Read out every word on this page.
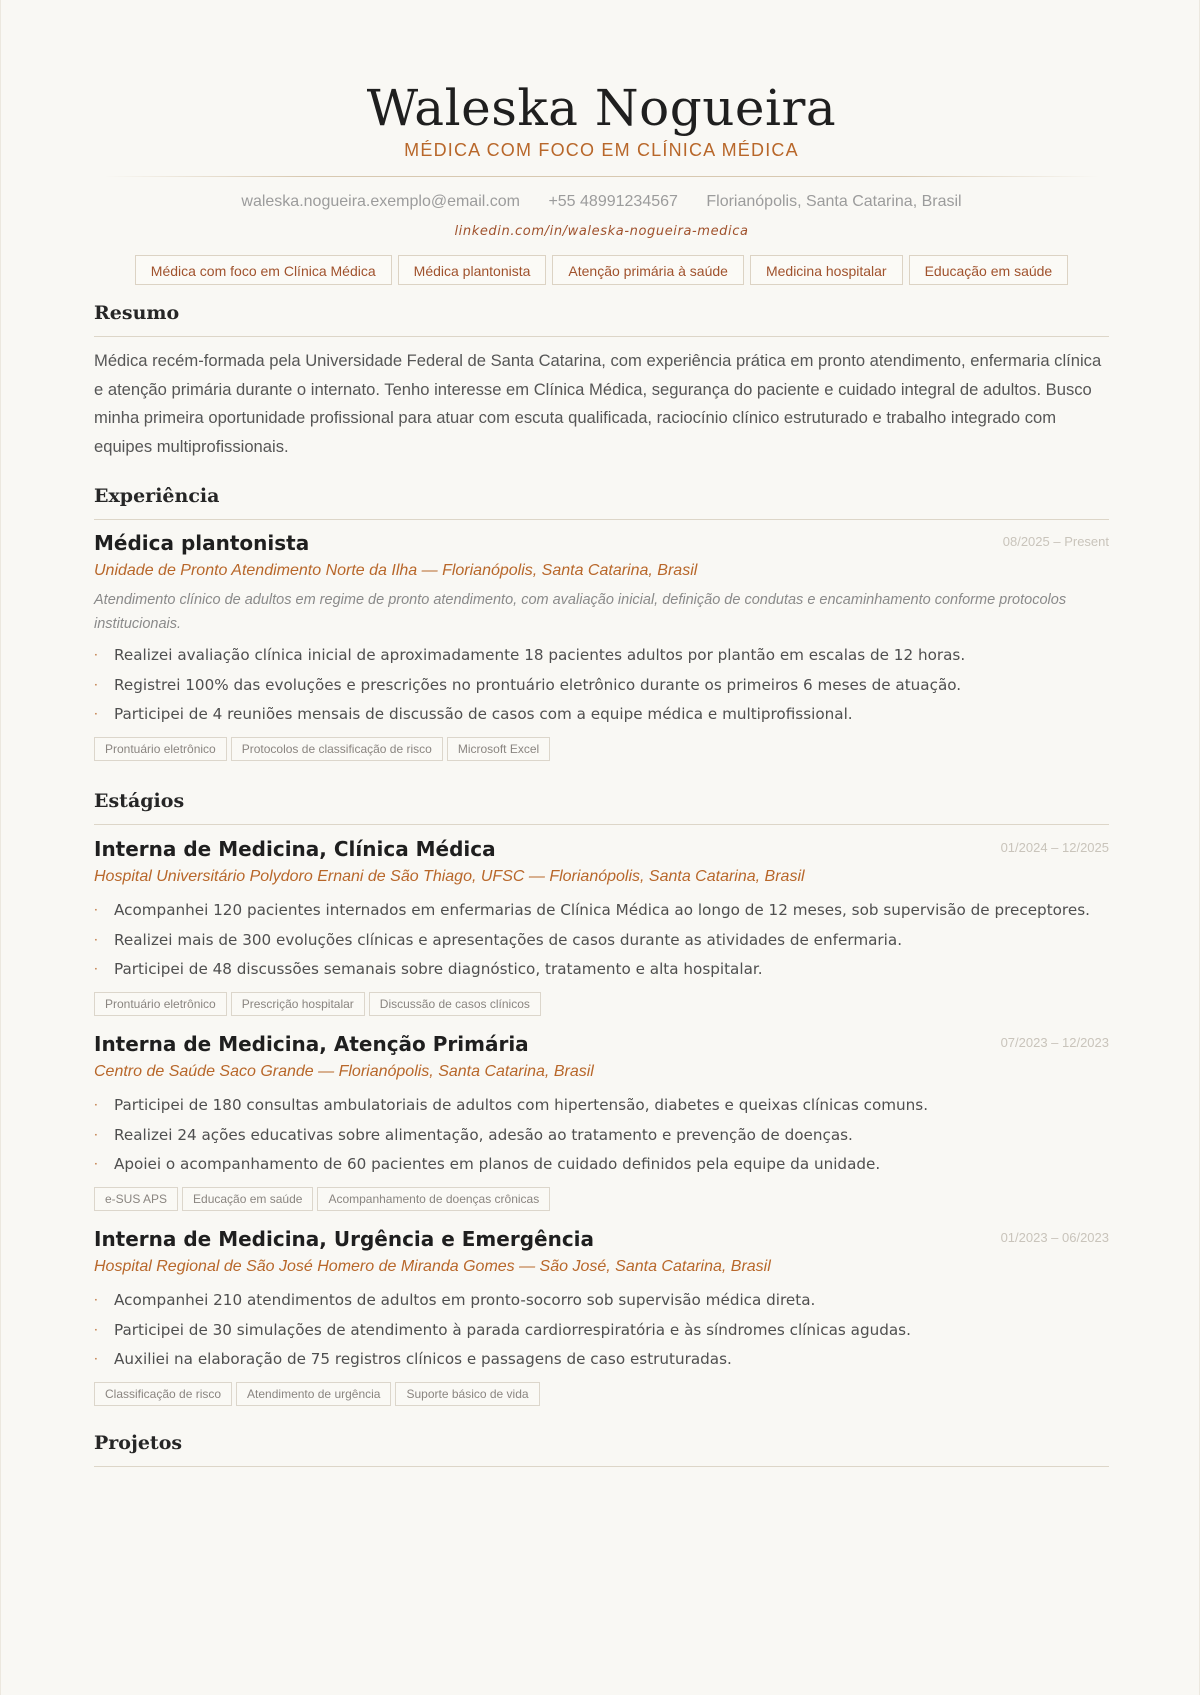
Waleska Nogueira
MÉDICA COM FOCO EM CLÍNICA MÉDICA
waleska.nogueira.exemplo@email.com +55 48991234567 Florianópolis, Santa Catarina, Brasil
linkedin.com/in/waleska-nogueira-medica
Médica com foco em Clínica Médica	Médica plantonista	Atenção primária à saúde	Medicina hospitalar	Educação em saúde
Resumo

Médica recém-formada pela Universidade Federal de Santa Catarina, com experiência prática em pronto atendimento, enfermaria clínica e atenção primária durante o internato. Tenho interesse em Clínica Médica, segurança do paciente e cuidado integral de adultos. Busco minha primeira oportunidade profissional para atuar com escuta qualificada, raciocínio clínico estruturado e trabalho integrado com equipes multiprofissionais.

Experiência
Médica plantonista	08/2025 – Present
Unidade de Pronto Atendimento Norte da Ilha — Florianópolis, Santa Catarina, Brasil
Atendimento clínico de adultos em regime de pronto atendimento, com avaliação inicial, definição de condutas e encaminhamento conforme protocolos institucionais.
· Realizei avaliação clínica inicial de aproximadamente 18 pacientes adultos por plantão em escalas de 12 horas.
· Registrei 100% das evoluções e prescrições no prontuário eletrônico durante os primeiros 6 meses de atuação.
· Participei de 4 reuniões mensais de discussão de casos com a equipe médica e multiprofissional.
Prontuário eletrônico	Protocolos de classificação de risco	Microsoft Excel
Estágios
Interna de Medicina, Clínica Médica	01/2024 – 12/2025
Hospital Universitário Polydoro Ernani de São Thiago, UFSC — Florianópolis, Santa Catarina, Brasil
· Acompanhei 120 pacientes internados em enfermarias de Clínica Médica ao longo de 12 meses, sob supervisão de preceptores.
· Realizei mais de 300 evoluções clínicas e apresentações de casos durante as atividades de enfermaria.
· Participei de 48 discussões semanais sobre diagnóstico, tratamento e alta hospitalar.
Prontuário eletrônico	Prescrição hospitalar	Discussão de casos clínicos
Interna de Medicina, Atenção Primária	07/2023 – 12/2023
Centro de Saúde Saco Grande — Florianópolis, Santa Catarina, Brasil
· Participei de 180 consultas ambulatoriais de adultos com hipertensão, diabetes e queixas clínicas comuns.
· Realizei 24 ações educativas sobre alimentação, adesão ao tratamento e prevenção de doenças.
· Apoiei o acompanhamento de 60 pacientes em planos de cuidado definidos pela equipe da unidade.
e-SUS APS	Educação em saúde	Acompanhamento de doenças crônicas
Interna de Medicina, Urgência e Emergência	01/2023 – 06/2023
Hospital Regional de São José Homero de Miranda Gomes — São José, Santa Catarina, Brasil
· Acompanhei 210 atendimentos de adultos em pronto-socorro sob supervisão médica direta.
· Participei de 30 simulações de atendimento à parada cardiorrespiratória e às síndromes clínicas agudas.
· Auxiliei na elaboração de 75 registros clínicos e passagens de caso estruturadas.
Classificação de risco	Atendimento de urgência	Suporte básico de vida
Projetos
